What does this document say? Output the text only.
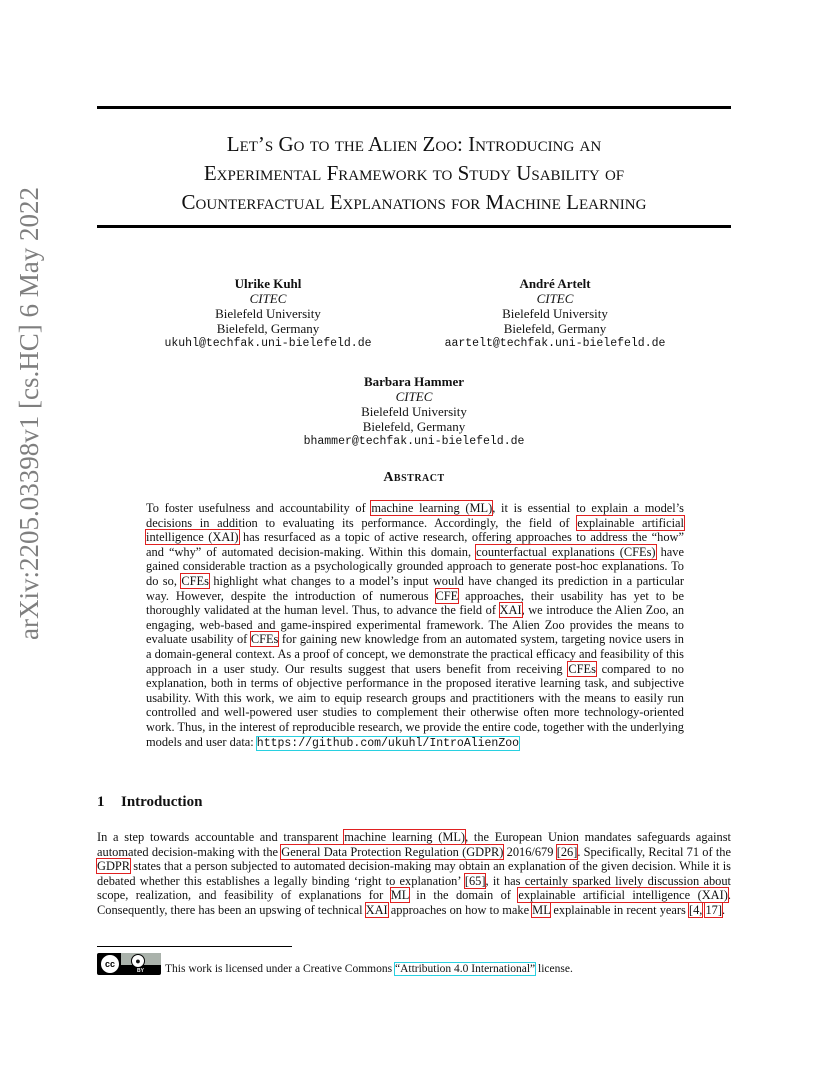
arXiv:2205.03398v1 [cs.HC] 6 May 2022
Let’s Go to the Alien Zoo: Introducing an
Experimental Framework to Study Usability of
Counterfactual Explanations for Machine Learning
Ulrike Kuhl
CITEC
Bielefeld University
Bielefeld, Germany
ukuhl@techfak.uni-bielefeld.de
André Artelt
CITEC
Bielefeld University
Bielefeld, Germany
aartelt@techfak.uni-bielefeld.de
Barbara Hammer
CITEC
Bielefeld University
Bielefeld, Germany
bhammer@techfak.uni-bielefeld.de
Abstract

To foster usefulness and accountability of machine learning (ML), it is essential to explain a model’s decisions in addition to evaluating its performance. Accordingly, the field of explainable artificial intelligence (XAI) has resurfaced as a topic of active research, offering approaches to address the “how” and “why” of automated decision-making. Within this domain, counterfactual explanations (CFEs) have gained considerable traction as a psychologically grounded approach to generate post-hoc explanations. To do so, CFEs highlight what changes to a model’s input would have changed its prediction in a particular way. However, despite the introduction of numerous CFE approaches, their usability has yet to be thoroughly validated at the human level. Thus, to advance the field of XAI, we introduce the Alien Zoo, an engaging, web-based and game-inspired experimental framework. The Alien Zoo provides the means to evaluate usability of CFEs for gaining new knowledge from an automated system, targeting novice users in a domain-general context. As a proof of concept, we demonstrate the practical efficacy and feasibility of this approach in a user study. Our results suggest that users benefit from receiving CFEs compared to no explanation, both in terms of objective performance in the proposed iterative learning task, and subjective usability. With this work, we aim to equip research groups and practitioners with the means to easily run controlled and well-powered user studies to complement their otherwise often more technology-oriented work. Thus, in the interest of reproducible research, we provide the entire code, together with the underlying models and user data: https://github.com/ukuhl/IntroAlienZoo

1 Introduction

In a step towards accountable and transparent machine learning (ML), the European Union mandates safeguards against automated decision-making with the General Data Protection Regulation (GDPR) 2016/679 [26]. Specifically, Recital 71 of the GDPR states that a person subjected to automated decision-making may obtain an explanation of the given decision. While it is debated whether this establishes a legally binding ‘right to explanation’ [65], it has certainly sparked lively discussion about scope, realization, and feasibility of explanations for ML in the domain of explainable artificial intelligence (XAI). Consequently, there has been an upswing of technical XAI approaches on how to make ML explainable in recent years [4, 17].

cc	●
BY This work is licensed under a Creative Commons “Attribution 4.0 International” license.
